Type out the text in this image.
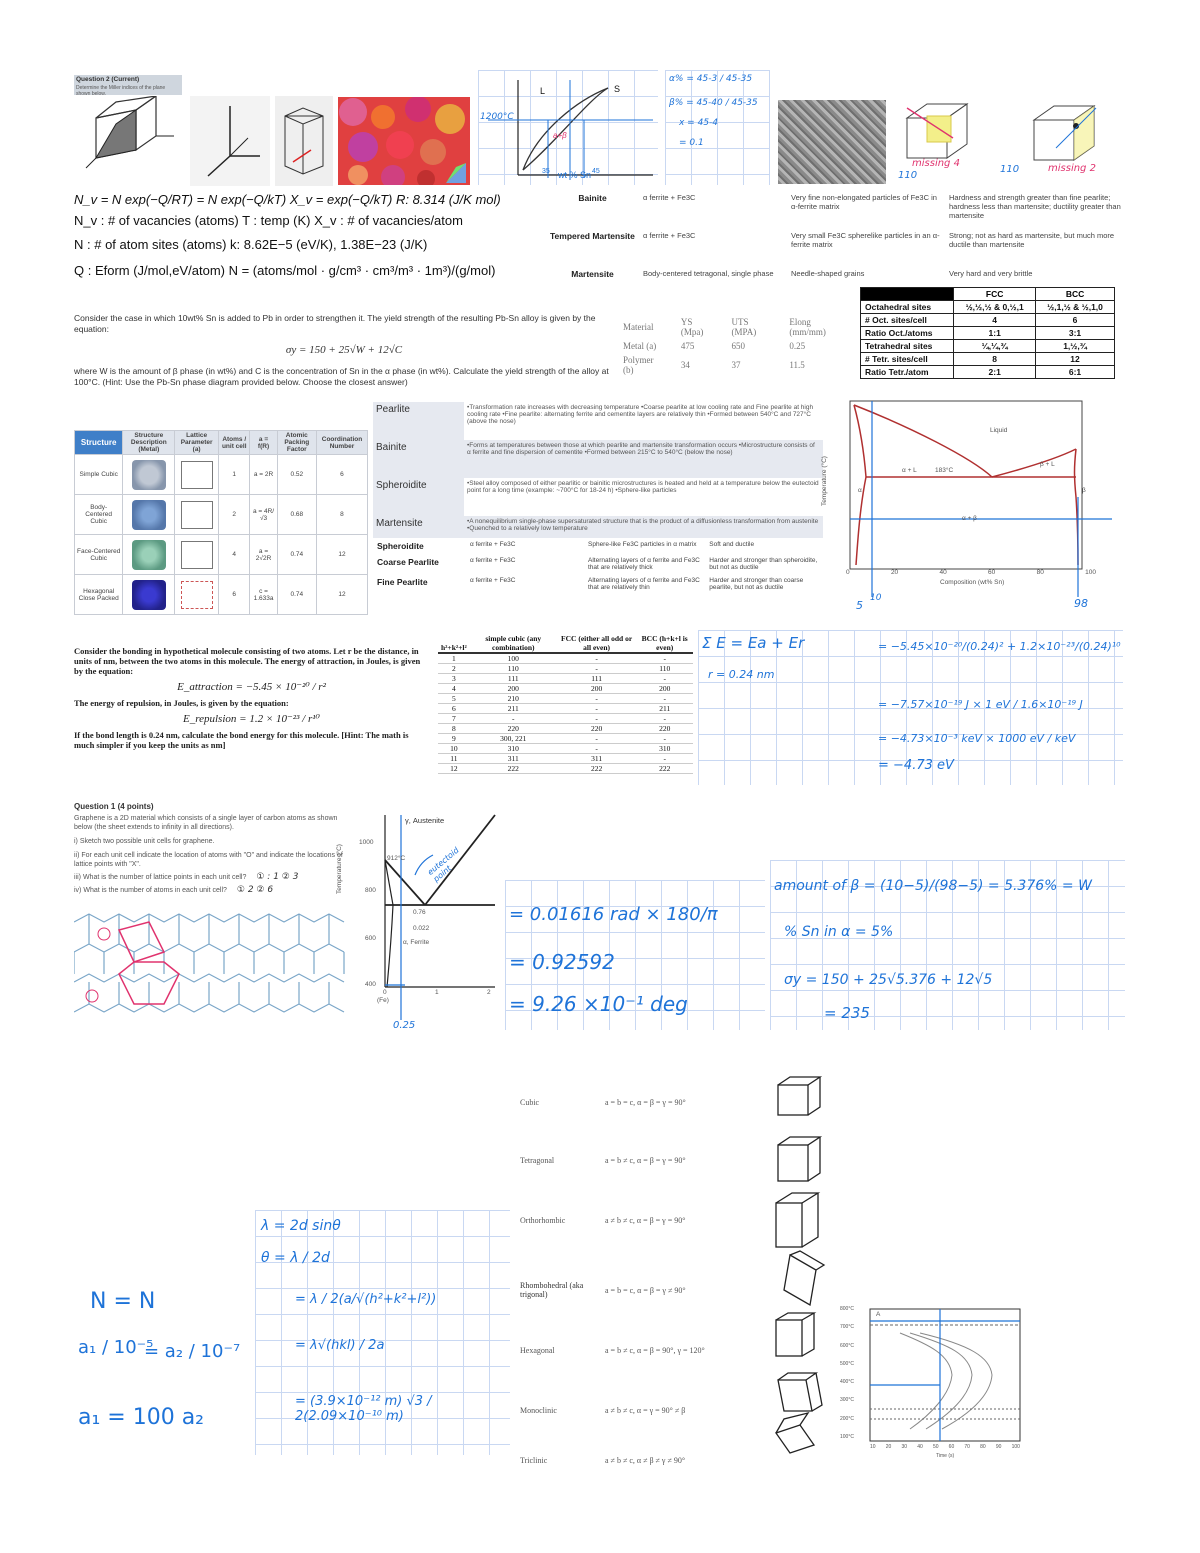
Question 2 (Current)
Determine the Miller indices of the plane shown below.
a+β
1200°C
L	S
35 wt % Sn 45
α% = 45-3 / 45-35
β% = 45-40 / 45-35
x = 45-4
= 0.1
missing 4
110
110	missing 2
N_v = N exp(−Q/RT) = N exp(−Q/kT) X_v = exp(−Q/kT) R: 8.314 (J/K mol)
N_v : # of vacancies (atoms) T : temp (K) X_v : # of vacancies/atom
N : # of atom sites (atoms) k: 8.62E−5 (eV/K), 1.38E−23 (J/K)
Q : Eform (J/mol,eV/atom) N = (atoms/mol · g/cm³ · cm³/m³ · 1m³)/(g/mol)
Bainite	α ferrite + Fe3C	Very fine non-elongated particles of Fe3C in α-ferrite matrix	Hardness and strength greater than fine pearlite; hardness less than martensite; ductility greater than martensite
Tempered Martensite	α ferrite + Fe3C	Very small Fe3C spherelike particles in an α-ferrite matrix	Strong; not as hard as martensite, but much more ductile than martensite
Martensite	Body-centered tetragonal, single phase	Needle-shaped grains	Very hard and very brittle
	FCC	BCC
Octahedral sites	½,½,½ & 0,½,1	½,1,½ & ½,1,0
# Oct. sites/cell	4	6
Ratio Oct./atoms	1:1	3:1
Tetrahedral sites	¼,¼,¾	1,½,¾
# Tetr. sites/cell	8	12
Ratio Tetr./atom	2:1	6:1
Consider the case in which 10wt% Sn is added to Pb in order to strengthen it. The yield strength of the resulting Pb-Sn alloy is given by the equation:
σy = 150 + 25√W + 12√C
where W is the amount of β phase (in wt%) and C is the concentration of Sn in the α phase (in wt%). Calculate the yield strength of the alloy at 100°C. (Hint: Use the Pb-Sn phase diagram provided below. Choose the closest answer)
Material	YS (Mpa)	UTS (MPA)	Elong (mm/mm)
Metal (a)	475	650	0.25
Polymer (b)	34	37	11.5
Structure	Structure Description (Metal)	Lattice Parameter (a)	Atoms / unit cell	a = f(R)	Atomic Packing Factor	Coordination Number
Simple Cubic			1	a = 2R	0.52	6
Body-Centered Cubic			2	a = 4R/√3	0.68	8
Face-Centered Cubic			4	a = 2√2R	0.74	12
Hexagonal Close Packed			6	c = 1.633a	0.74	12
Pearlite	•Transformation rate increases with decreasing temperature •Coarse pearlite at low cooling rate and Fine pearlite at high cooling rate •Fine pearlite: alternating ferrite and cementite layers are relatively thin •Formed between 540°C and 727°C (above the nose)
Bainite	•Forms at temperatures between those at which pearlite and martensite transformation occurs •Microstructure consists of α ferrite and fine dispersion of cementite •Formed between 215°C to 540°C (below the nose)
Spheroidite	•Steel alloy composed of either pearlitic or bainitic microstructures is heated and held at a temperature below the eutectoid point for a long time (example: ~700°C for 18-24 h) •Sphere-like particles
Martensite	•A nonequilibrium single-phase supersaturated structure that is the product of a diffusionless transformation from austenite •Quenched to a relatively low temperature
Spheroidite	α ferrite + Fe3C	Sphere-like Fe3C particles in α matrix	Soft and ductile
Coarse Pearlite	α ferrite + Fe3C	Alternating layers of α ferrite and Fe3C that are relatively thick	Harder and stronger than spheroidite, but not as ductile
Fine Pearlite	α ferrite + Fe3C	Alternating layers of α ferrite and Fe3C that are relatively thin	Harder and stronger than coarse pearlite, but not as ductile
Liquid
α + L
β + L
α + β
α	β
183°C
0	20	40	60	80	100
Composition (wt% Sn)
Temperature (°C)
5
10	98
Consider the bonding in hypothetical molecule consisting of two atoms. Let r be the distance, in units of nm, between the two atoms in this molecule. The energy of attraction, in Joules, is given by the equation:
E_attraction = −5.45 × 10⁻²⁰ / r²
The energy of repulsion, in Joules, is given by the equation:
E_repulsion = 1.2 × 10⁻²³ / r¹⁰
If the bond length is 0.24 nm, calculate the bond energy for this molecule. [Hint: The math is much simpler if you keep the units as nm]
h²+k²+l²	simple cubic (any combination)	FCC (either all odd or all even)	BCC (h+k+l is even)
1	100	-	-
2	110	-	110
3	111	111	-
4	200	200	200
5	210	-	-
6	211	-	211
7	-	-	-
8	220	220	220
9	300, 221	-	-
10	310	-	310
11	311	311	-
12	222	222	222
Σ E = Ea + Er
r = 0.24 nm
= −5.45×10⁻²⁰/(0.24)² + 1.2×10⁻²³/(0.24)¹⁰
= −7.57×10⁻¹⁹ J × 1 eV / 1.6×10⁻¹⁹ J
= −4.73×10⁻³ keV × 1000 eV / keV
= −4.73 eV
Question 1 (4 points)
Graphene is a 2D material which consists of a single layer of carbon atoms as shown below (the sheet extends to infinity in all directions).
i) Sketch two possible unit cells for graphene.
ii) For each unit cell indicate the location of atoms with "O" and indicate the locations of lattice points with "X".
iii) What is the number of lattice points in each unit cell? ① : 1 ② 3
iv) What is the number of atoms in each unit cell? ① 2 ② 6
γ, Austenite
1000
800
600
400
0	1	2
(Fe)
Temperature (°C)	912°C
0.76
0.022
α, Ferrite
eutectoid point
0.25
= 0.01616 rad × 180/π
= 0.92592
= 9.26 ×10⁻¹ deg
amount of β = (10−5)/(98−5) = 5.376% = W
% Sn in α = 5%
σy = 150 + 25√5.376 + 12√5
= 235
Cubic	a = b = c, α = β = γ = 90°
Tetragonal	a = b ≠ c, α = β = γ = 90°
Orthorhombic	a ≠ b ≠ c, α = β = γ = 90°
Rhombohedral (aka trigonal)	a = b = c, α = β = γ ≠ 90°
Hexagonal	a = b ≠ c, α = β = 90°, γ = 120°
Monoclinic	a ≠ b ≠ c, α = γ = 90° ≠ β
Triclinic	a ≠ b ≠ c, α ≠ β ≠ γ ≠ 90°
λ = 2d sinθ
θ = λ / 2d
= λ / 2(a/√(h²+k²+l²))
= λ√(hkl) / 2a
= (3.9×10⁻¹² m) √3 / 2(2.09×10⁻¹⁰ m)
N = N
a₁ / 10⁻⁵
= a₂ / 10⁻⁷
a₁ = 100 a₂
800°C
700°C
600°C
500°C
400°C
300°C
200°C
100°C
10 20 30 40 50 60 70 80 90 100
Time (s)
A
